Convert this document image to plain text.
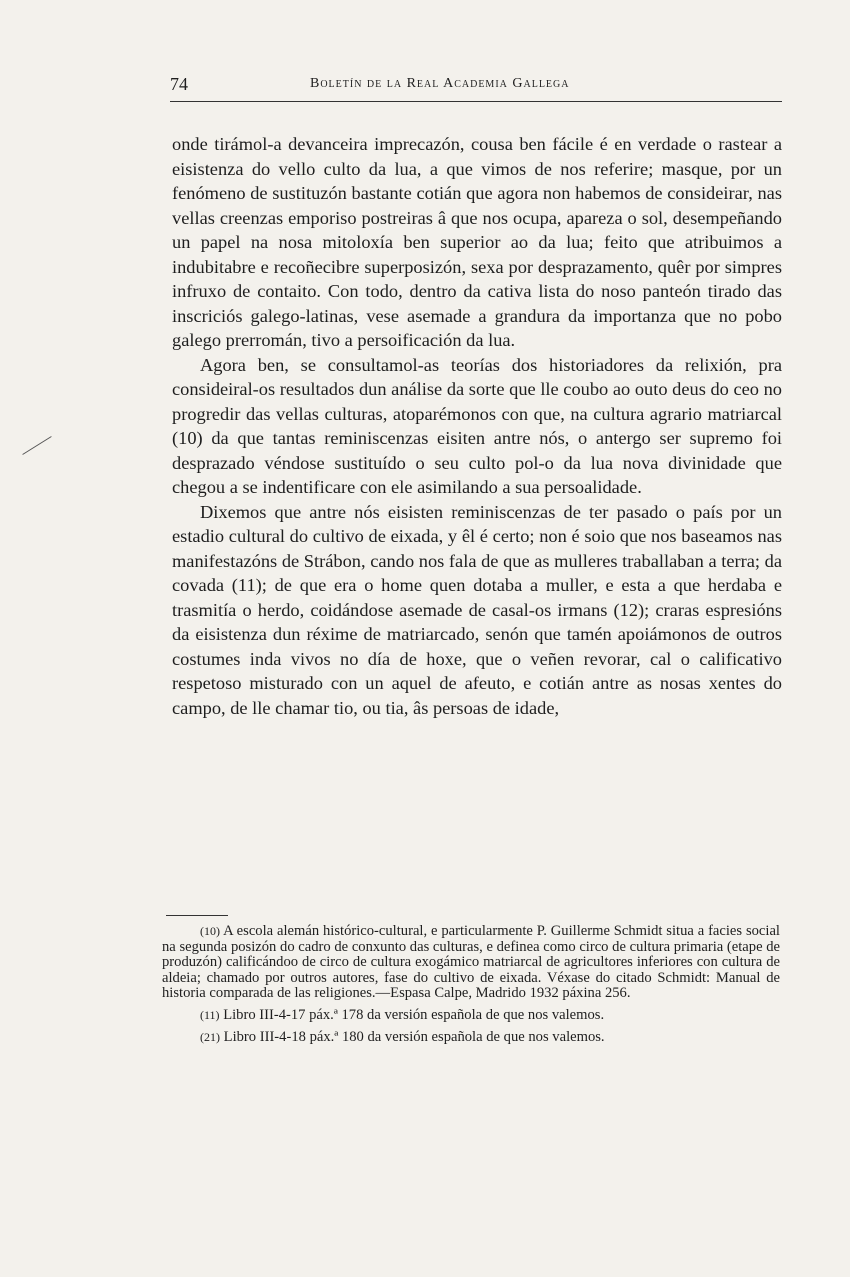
74	Boletín de la Real Academia Gallega

onde tirámol-a devanceira imprecazón, cousa ben fácile é en verdade o rastear a eisistenza do vello culto da lua, a que vimos de nos referire; masque, por un fenómeno de sustituzón bastante cotián que agora non habemos de consideirar, nas vellas creenzas emporiso postreiras â que nos ocupa, apareza o sol, desempeñando un papel na nosa mitoloxía ben superior ao da lua; feito que atribuimos a indubitabre e recoñecibre superposizón, sexa por desprazamento, quêr por simpres infruxo de contaito. Con todo, dentro da cativa lista do noso panteón tirado das inscriciós galego-latinas, vese asemade a grandura da importanza que no pobo galego prerromán, tivo a persoificación da lua.

Agora ben, se consultamol-as teorías dos historiadores da relixión, pra consideiral-os resultados dun análise da sorte que lle coubo ao outo deus do ceo no progredir das vellas culturas, atoparémonos con que, na cultura agrario matriarcal (10) da que tantas reminiscenzas eisiten antre nós, o antergo ser supremo foi desprazado véndose sustituído o seu culto pol-o da lua nova divinidade que chegou a se indentificare con ele asimilando a sua persoalidade.

Dixemos que antre nós eisisten reminiscenzas de ter pasado o país por un estadio cultural do cultivo de eixada, y êl é certo; non é soio que nos baseamos nas manifestazóns de Strábon, cando nos fala de que as mulleres traballaban a terra; da covada (11); de que era o home quen dotaba a muller, e esta a que herdaba e trasmitía o herdo, coidándose asemade de casal-os irmans (12); craras espresións da eisistenza dun réxime de matriarcado, senón que tamén apoiámonos de outros costumes inda vivos no día de hoxe, que o veñen revorar, cal o calificativo respetoso misturado con un aquel de afeuto, e cotián antre as nosas xentes do campo, de lle chamar tio, ou tia, âs persoas de idade,

(10) A escola alemán histórico-cultural, e particularmente P. Guillerme Schmidt situa a facies social na segunda posizón do cadro de conxunto das culturas, e definea como circo de cultura primaria (etape de produzón) calificándoo de circo de cultura exogámico matriarcal de agricultores inferiores con cultura de aldeia; chamado por outros autores, fase do cultivo de eixada. Véxase do citado Schmidt: Manual de historia comparada de las religiones.—Espasa Calpe, Madrido 1932 páxina 256.

(11) Libro III-4-17 páx.ª 178 da versión española de que nos valemos.

(21) Libro III-4-18 páx.ª 180 da versión española de que nos valemos.
